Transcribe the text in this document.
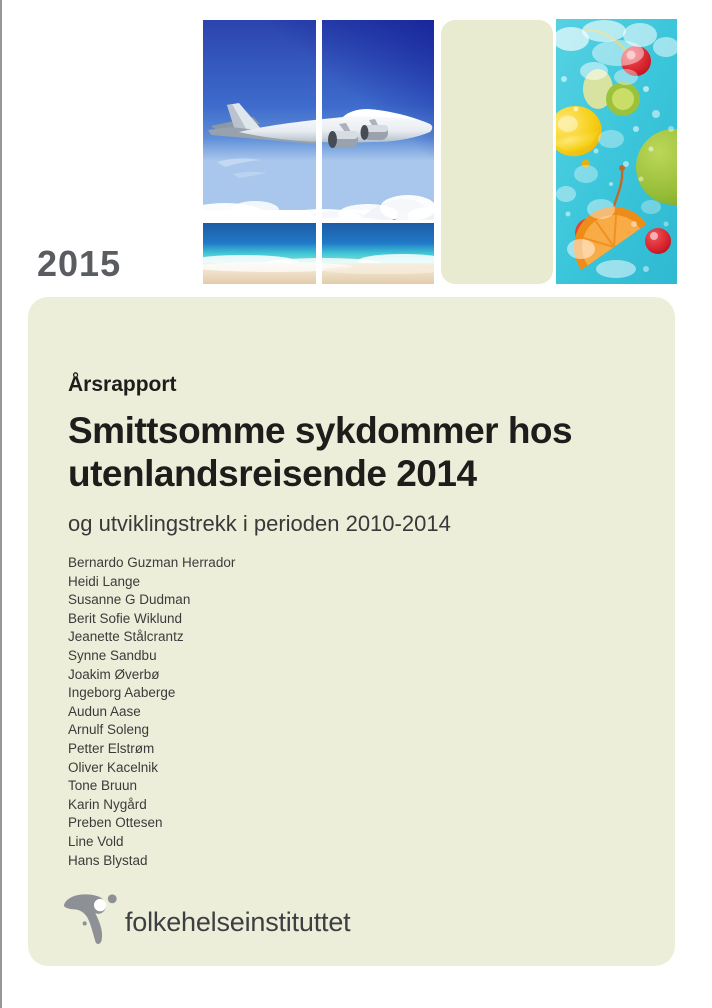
2015
Årsrapport
Smittsomme sykdommer hos utenlandsreisende 2014
og utviklingstrekk i perioden 2010-2014
Bernardo Guzman Herrador
Heidi Lange
Susanne G Dudman
Berit Sofie Wiklund
Jeanette Stålcrantz
Synne Sandbu
Joakim Øverbø
Ingeborg Aaberge
Audun Aase
Arnulf Soleng
Petter Elstrøm
Oliver Kacelnik
Tone Bruun
Karin Nygård
Preben Ottesen
Line Vold
Hans Blystad
folkehelseinstituttet
